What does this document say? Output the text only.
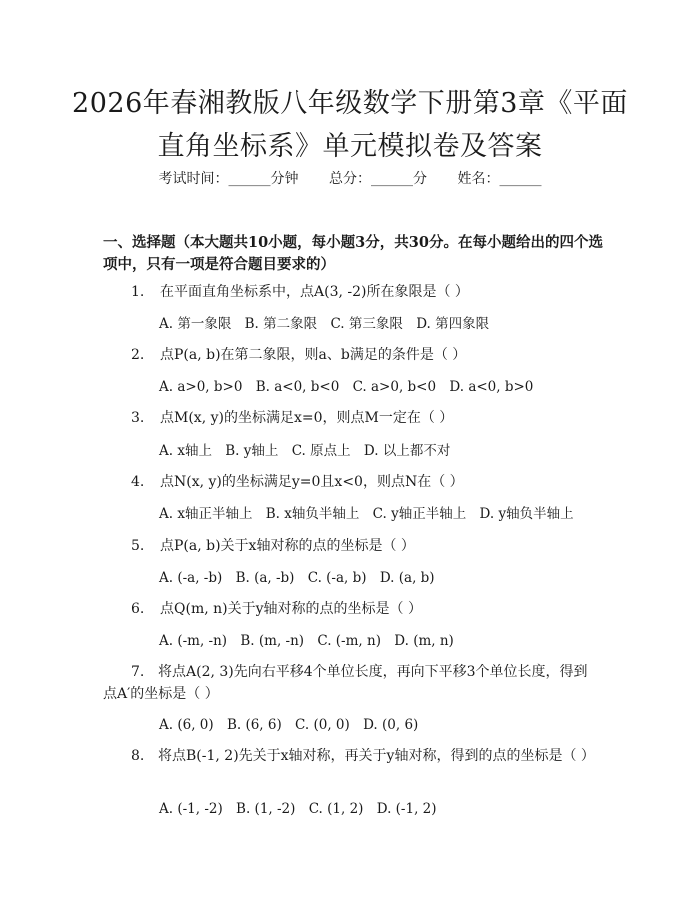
2026年春湘教版八年级数学下册第3章《平面直角坐标系》单元模拟卷及答案
考试时间：______分钟 总分：______分 姓名：______

一、选择题（本大题共10小题，每小题3分，共30分。在每小题给出的四个选项中，只有一项是符合题目要求的）

1. 在平面直角坐标系中，点A(3, -2)所在象限是（ ）
A. 第一象限 B. 第二象限 C. 第三象限 D. 第四象限
2. 点P(a, b)在第二象限，则a、b满足的条件是（ ）
A. a>0, b>0 B. a<0, b<0 C. a>0, b<0 D. a<0, b>0
3. 点M(x, y)的坐标满足x=0，则点M一定在（ ）
A. x轴上 B. y轴上 C. 原点上 D. 以上都不对
4. 点N(x, y)的坐标满足y=0且x<0，则点N在（ ）
A. x轴正半轴上 B. x轴负半轴上 C. y轴正半轴上 D. y轴负半轴上
5. 点P(a, b)关于x轴对称的点的坐标是（ ）
A. (-a, -b) B. (a, -b) C. (-a, b) D. (a, b)
6. 点Q(m, n)关于y轴对称的点的坐标是（ ）
A. (-m, -n) B. (m, -n) C. (-m, n) D. (m, n)

7. 将点A(2, 3)先向右平移4个单位长度，再向下平移3个单位长度，得到点A′的坐标是（ ）

A. (6, 0) B. (6, 6) C. (0, 0) D. (0, 6)

8. 将点B(-1, 2)先关于x轴对称，再关于y轴对称，得到的点的坐标是（ ）

A. (-1, -2) B. (1, -2) C. (1, 2) D. (-1, 2)
